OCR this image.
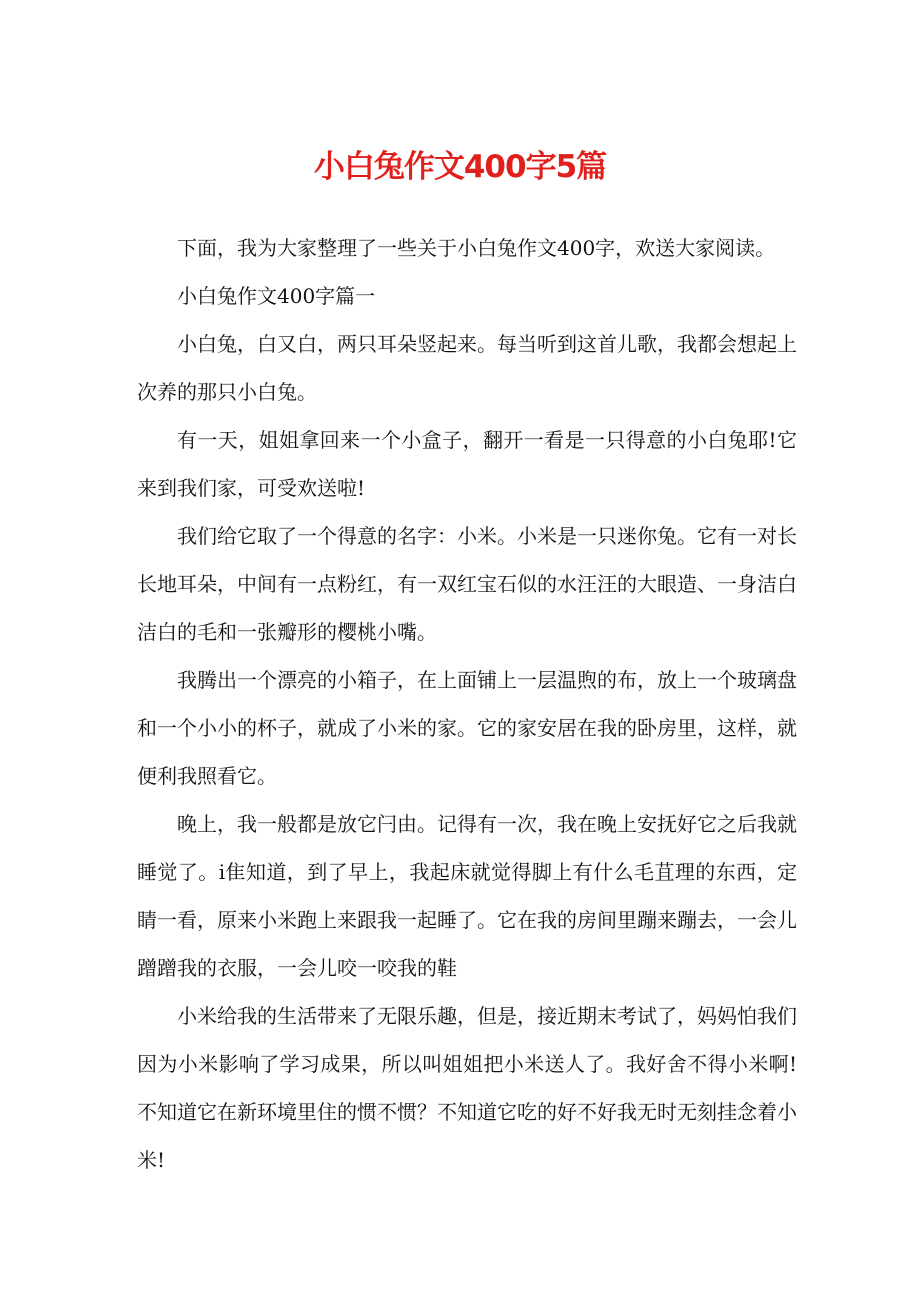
小白兔作文400字5篇

下面，我为大家整理了一些关于小白兔作文400字，欢送大家阅读。

小白兔作文400字篇一

小白兔，白又白，两只耳朵竖起来。每当听到这首儿歌，我都会想起上次养的那只小白兔。

有一天，姐姐拿回来一个小盒子，翻开一看是一只得意的小白兔耶!它来到我们家，可受欢送啦!

我们给它取了一个得意的名字：小米。小米是一只迷你兔。它有一对长长地耳朵，中间有一点粉红，有一双红宝石似的水汪汪的大眼造、一身洁白洁白的毛和一张瓣形的樱桃小嘴。

我腾出一个漂亮的小箱子，在上面铺上一层温煦的布，放上一个玻璃盘和一个小小的杯子，就成了小米的家。它的家安居在我的卧房里，这样，就便利我照看它。

晚上，我一般都是放它闩由。记得有一次，我在晚上安抚好它之后我就睡觉了。i隹知道，到了早上，我起床就觉得脚上有什么毛苴理的东西，定睛一看，原来小米跑上来跟我一起睡了。它在我的房间里蹦来蹦去，一会儿蹭蹭我的衣服，一会儿咬一咬我的鞋

小米给我的生活带来了无限乐趣，但是，接近期末考试了，妈妈怕我们因为小米影响了学习成果，所以叫姐姐把小米送人了。我好舍不得小米啊!不知道它在新环境里住的惯不惯？不知道它吃的好不好我无时无刻挂念着小米!
